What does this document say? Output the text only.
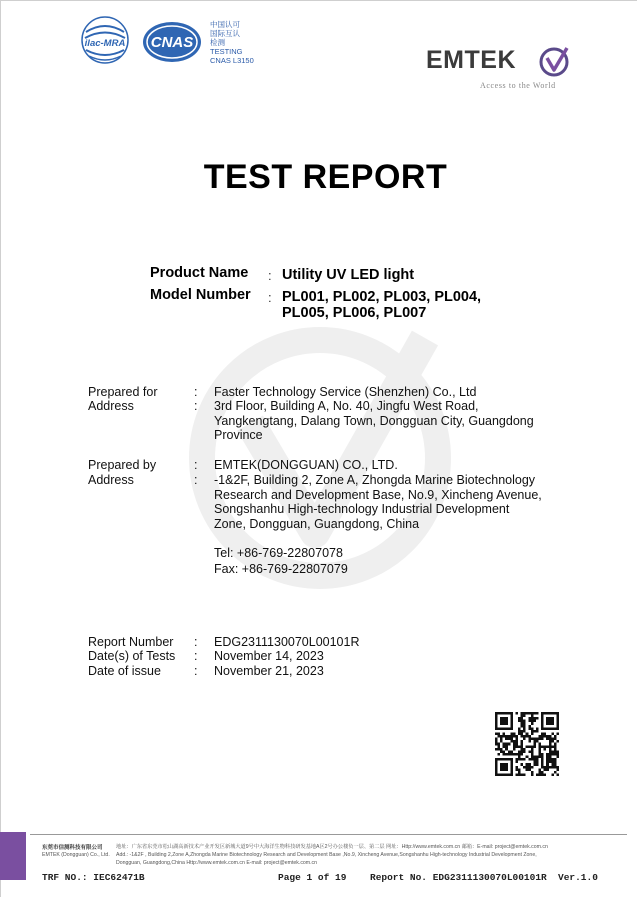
ilac-MRA CNAS
中国认可
国际互认
检测
TESTING
CNAS L3150	EMTEK
Access to the World
TEST REPORT
Product Name : Utility UV LED light
Model Number : PL001, PL002, PL003, PL004,
PL005, PL006, PL007
Prepared for
Address
:
:
Faster Technology Service (Shenzhen) Co., Ltd
3rd Floor, Building A, No. 40, Jingfu West Road,
Yangkengtang, Dalang Town, Dongguan City, Guangdong
Province
Prepared by
Address
:
:
EMTEK(DONGGUAN) CO., LTD.
-1&2F, Building 2, Zone A, Zhongda Marine Biotechnology
Research and Development Base, No.9, Xincheng Avenue,
Songshanhu High-technology Industrial Development
Zone, Dongguan, Guangdong, China
Tel: +86-769-22807078
Fax: +86-769-22807079
Report Number
Date(s) of Tests
Date of issue
:
:
:
EDG2311130070L00101R
November 14, 2023
November 21, 2023
东莞市信测科技有限公司
EMTEK (Dongguan) Co., Ltd.
地址：广东省东莞市松山湖高新技术产业开发区新城大道9号中大海洋生物科技研发基地A区2号办公楼负一层、第二层 网址：Http://www.emtek.com.cn 邮箱：E-mail: project@emtek.com.cn
Add.: -1&2F , Building 2,Zone A,Zhongda Marine Biotechnology Research and Development Base ,No.9, Xincheng Avenue,Songshanhu High-technology Industrial Development Zone,
Dongguan, Guangdong,China Http://www.emtek.com.cn E-mail: project@emtek.com.cn
TRF NO.: IEC62471B	Page 1 of 19 Report No. EDG2311130070L00101R Ver.1.0
